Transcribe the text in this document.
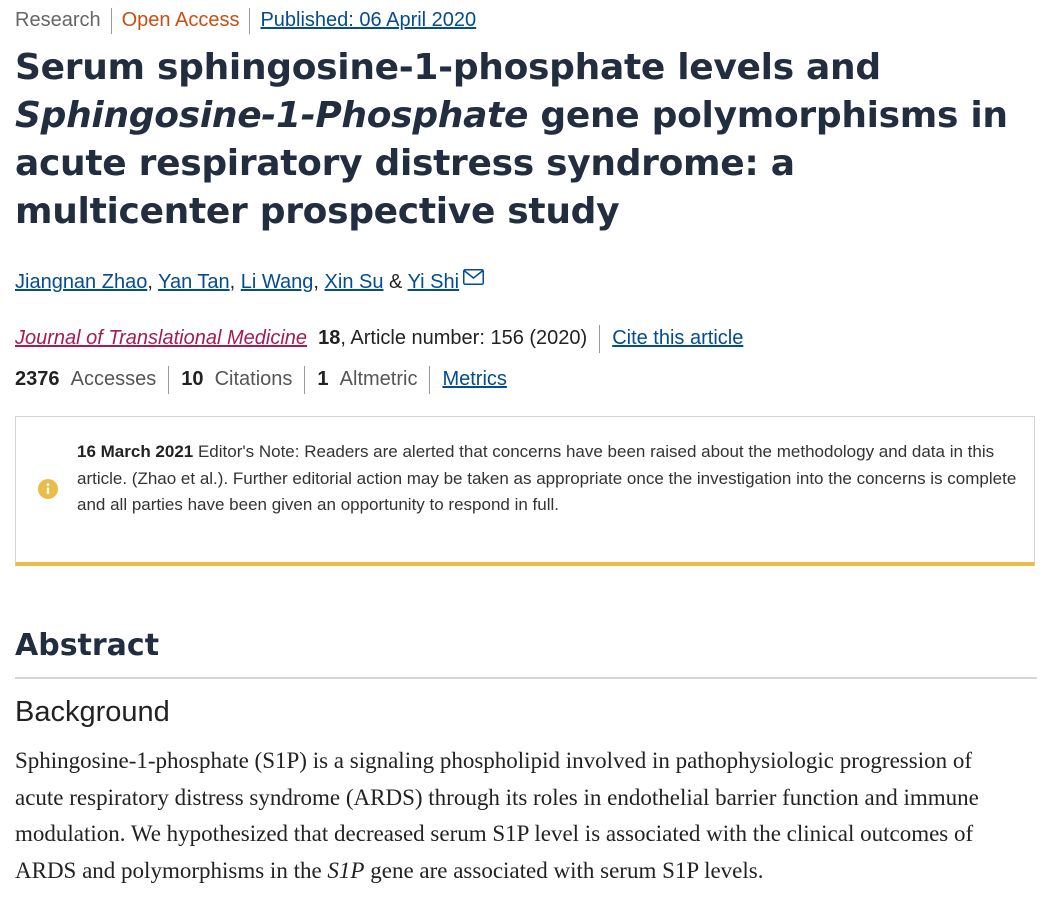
Research Open Access Published: 06 April 2020
Serum sphingosine-1-phosphate levels and
Sphingosine-1-Phosphate gene polymorphisms in acute respiratory distress syndrome: a multicenter prospective study
Jiangnan Zhao, Yan Tan, Li Wang, Xin Su & Yi Shi
Journal of Translational Medicine 18, Article number: 156 (2020) Cite this article
2376 Accesses 10 Citations 1 Altmetric Metrics
16 March 2021 Editor's Note: Readers are alerted that concerns have been raised about the methodology and data in this article. (Zhao et al.). Further editorial action may be taken as appropriate once the investigation into the concerns is complete and all parties have been given an opportunity to respond in full.
Abstract
Background

Sphingosine-1-phosphate (S1P) is a signaling phospholipid involved in pathophysiologic progression of acute respiratory distress syndrome (ARDS) through its roles in endothelial barrier function and immune modulation. We hypothesized that decreased serum S1P level is associated with the clinical outcomes of ARDS and polymorphisms in the S1P gene are associated with serum S1P levels.
